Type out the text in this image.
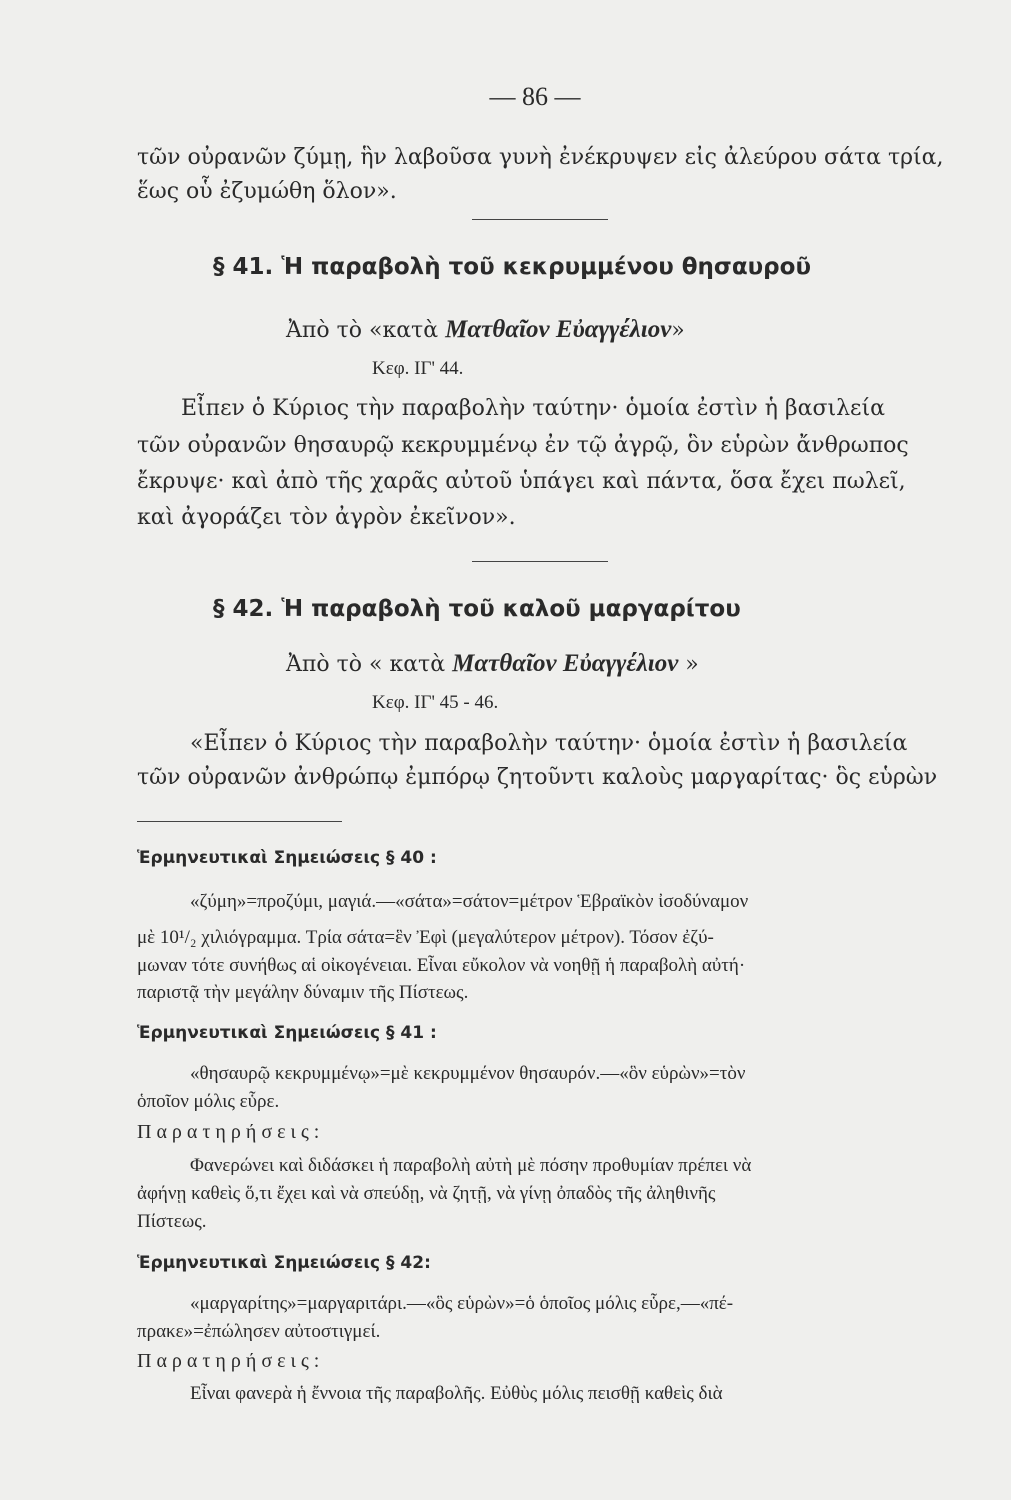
— 86 —
τῶν οὐρανῶν ζύμῃ, ἣν λαβοῦσα γυνὴ ἐνέκρυψεν εἰς ἀλεύρου σάτα τρία,
ἕως οὗ ἐζυμώθη ὅλον».
§ 41. Ἡ παραβολὴ τοῦ κεκρυμμένου θησαυροῦ
Ἀπὸ τὸ «κατὰ Ματθαῖον Εὐαγγέλιον»
Κεφ. ΙΓ' 44.
Εἶπεν ὁ Κύριος τὴν παραβολὴν ταύτην· ὁμοία ἐστὶν ἡ βασιλεία
τῶν οὐρανῶν θησαυρῷ κεκρυμμένῳ ἐν τῷ ἀγρῷ, ὃν εὑρὼν ἄνθρωπος
ἔκρυψε· καὶ ἀπὸ τῆς χαρᾶς αὐτοῦ ὑπάγει καὶ πάντα, ὅσα ἔχει πωλεῖ,
καὶ ἀγοράζει τὸν ἀγρὸν ἐκεῖνον».
§ 42. Ἡ παραβολὴ τοῦ καλοῦ μαργαρίτου
Ἀπὸ τὸ « κατὰ Ματθαῖον Εὐαγγέλιον »
Κεφ. ΙΓ' 45 - 46.
«Εἶπεν ὁ Κύριος τὴν παραβολὴν ταύτην· ὁμοία ἐστὶν ἡ βασιλεία
τῶν οὐρανῶν ἀνθρώπῳ ἐμπόρῳ ζητοῦντι καλοὺς μαργαρίτας· ὃς εὑρὼν
Ἑρμηνευτικαὶ Σημειώσεις § 40 :
«ζύμη»=προζύμι, μαγιά.—«σάτα»=σάτον=μέτρον Ἑβραϊκὸν ἰσοδύναμον
μὲ 10¹/₂ χιλιόγραμμα. Τρία σάτα=ἓν Ἐφὶ (μεγαλύτερον μέτρον). Τόσον ἐζύ-
μωναν τότε συνήθως αἱ οἰκογένειαι. Εἶναι εὔκολον νὰ νοηθῇ ἡ παραβολὴ αὐτή·
παριστᾷ τὴν μεγάλην δύναμιν τῆς Πίστεως.
Ἑρμηνευτικαὶ Σημειώσεις § 41 :
«θησαυρῷ κεκρυμμένῳ»=μὲ κεκρυμμένον θησαυρόν.—«ὃν εὑρὼν»=τὸν
ὁποῖον μόλις εὗρε.
Παρατηρήσεις:
Φανερώνει καὶ διδάσκει ἡ παραβολὴ αὐτὴ μὲ πόσην προθυμίαν πρέπει νὰ
ἀφήνῃ καθεὶς ὅ,τι ἔχει καὶ νὰ σπεύδῃ, νὰ ζητῇ, νὰ γίνῃ ὀπαδὸς τῆς ἀληθινῆς
Πίστεως.
Ἑρμηνευτικαὶ Σημειώσεις § 42:
«μαργαρίτης»=μαργαριτάρι.—«ὃς εὑρὼν»=ὁ ὁποῖος μόλις εὗρε,—«πέ-
πρακε»=ἐπώλησεν αὐτοστιγμεί.
Παρατηρήσεις:
Εἶναι φανερὰ ἡ ἔννοια τῆς παραβολῆς. Εὐθὺς μόλις πεισθῇ καθεὶς διὰ
